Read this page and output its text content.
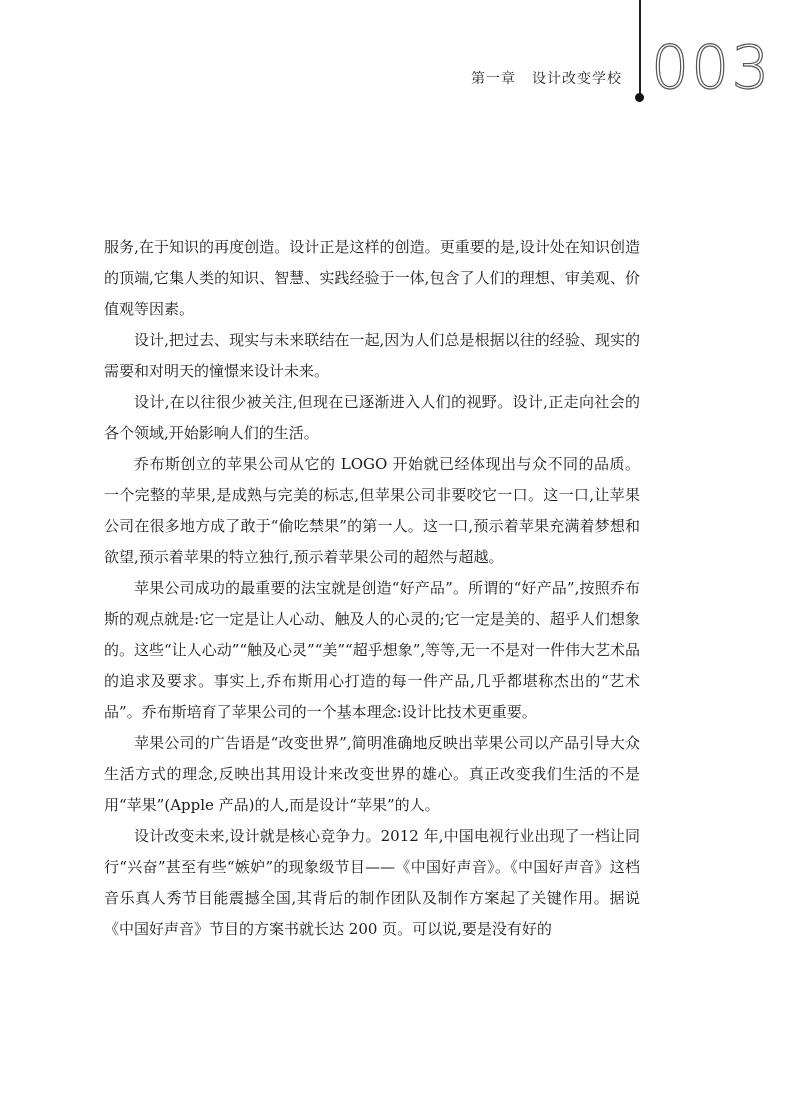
第一章 设计改变学校 003

服务,在于知识的再度创造。设计正是这样的创造。更重要的是,设计处在知识创造的顶端,它集人类的知识、智慧、实践经验于一体,包含了人们的理想、审美观、价值观等因素。

设计,把过去、现实与未来联结在一起,因为人们总是根据以往的经验、现实的需要和对明天的憧憬来设计未来。

设计,在以往很少被关注,但现在已逐渐进入人们的视野。设计,正走向社会的各个领域,开始影响人们的生活。

乔布斯创立的苹果公司从它的 LOGO 开始就已经体现出与众不同的品质。一个完整的苹果,是成熟与完美的标志,但苹果公司非要咬它一口。这一口,让苹果公司在很多地方成了敢于“偷吃禁果”的第一人。这一口,预示着苹果充满着梦想和欲望,预示着苹果的特立独行,预示着苹果公司的超然与超越。

苹果公司成功的最重要的法宝就是创造“好产品”。所谓的“好产品”,按照乔布斯的观点就是:它一定是让人心动、触及人的心灵的;它一定是美的、超乎人们想象的。这些“让人心动”“触及心灵”“美”“超乎想象”,等等,无一不是对一件伟大艺术品的追求及要求。事实上,乔布斯用心打造的每一件产品,几乎都堪称杰出的“艺术品”。乔布斯培育了苹果公司的一个基本理念:设计比技术更重要。

苹果公司的广告语是“改变世界”,简明准确地反映出苹果公司以产品引导大众生活方式的理念,反映出其用设计来改变世界的雄心。真正改变我们生活的不是用“苹果”(Apple 产品)的人,而是设计“苹果”的人。

设计改变未来,设计就是核心竞争力。2012 年,中国电视行业出现了一档让同行“兴奋”甚至有些“嫉妒”的现象级节目——《中国好声音》。《中国好声音》这档音乐真人秀节目能震撼全国,其背后的制作团队及制作方案起了关键作用。据说《中国好声音》节目的方案书就长达 200 页。可以说,要是没有好的
